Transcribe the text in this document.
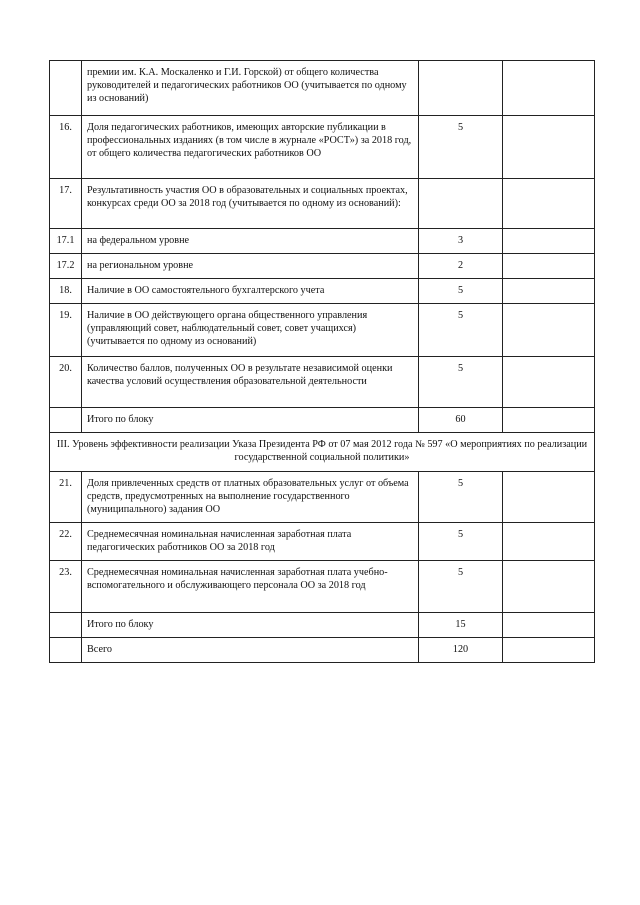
	премии им. К.А. Москаленко и Г.И. Горской) от общего количества руководителей и педагогических работников ОО (учитывается по одному из оснований)		
16.	Доля педагогических работников, имеющих авторские публикации в профессиональных изданиях (в том числе в журнале «РОСТ») за 2018 год, от общего количества педагогических работников ОО	5	
17.	Результативность участия ОО в образовательных и социальных проектах, конкурсах среди ОО за 2018 год (учитывается по одному из оснований):		
17.1	на федеральном уровне	3	
17.2	на региональном уровне	2	
18.	Наличие в ОО самостоятельного бухгалтерского учета	5	
19.	Наличие в ОО действующего органа общественного управления (управляющий совет, наблюдательный совет, совет учащихся) (учитывается по одному из оснований)	5	
20.	Количество баллов, полученных ОО в результате независимой оценки качества условий осуществления образовательной деятельности	5	
	Итого по блоку	60	
III. Уровень эффективности реализации Указа Президента РФ от 07 мая 2012 года № 597 «О мероприятиях по реализации государственной социальной политики»			
21.	Доля привлеченных средств от платных образовательных услуг от объема средств, предусмотренных на выполнение государственного (муниципального) задания ОО	5	
22.	Среднемесячная номинальная начисленная заработная плата педагогических работников ОО за 2018 год	5	
23.	Среднемесячная номинальная начисленная заработная плата учебно-вспомогательного и обслуживающего персонала ОО за 2018 год	5	
	Итого по блоку	15	
	Всего	120	
